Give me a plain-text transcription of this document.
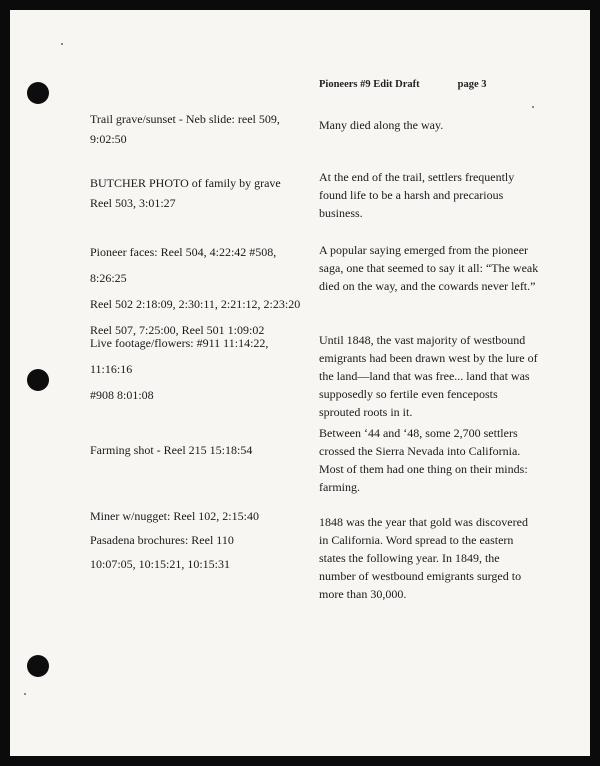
Pioneers #9 Edit Draft	page 3
Trail grave/sunset - Neb slide: reel 509, 9:02:50
Many died along the way.
BUTCHER PHOTO of family by grave
Reel 503, 3:01:27
At the end of the trail, settlers frequently found life to be a harsh and precarious business.
Pioneer faces: Reel 504, 4:22:42 #508, 8:26:25
Reel 502 2:18:09, 2:30:11, 2:21:12, 2:23:20
Reel 507, 7:25:00, Reel 501 1:09:02
A popular saying emerged from the pioneer saga, one that seemed to say it all: “The weak died on the way, and the cowards never left.”
Live footage/flowers: #911 11:14:22, 11:16:16
#908 8:01:08
Until 1848, the vast majority of westbound emigrants had been drawn west by the lure of the land—land that was free... land that was supposedly so fertile even fenceposts sprouted roots in it.
Farming shot - Reel 215 15:18:54
Between ‘44 and ‘48, some 2,700 settlers crossed the Sierra Nevada into California. Most of them had one thing on their minds: farming.
Miner w/nugget: Reel 102, 2:15:40
Pasadena brochures: Reel 110
10:07:05, 10:15:21, 10:15:31
1848 was the year that gold was discovered in California. Word spread to the eastern states the following year. In 1849, the number of westbound emigrants surged to more than 30,000.
